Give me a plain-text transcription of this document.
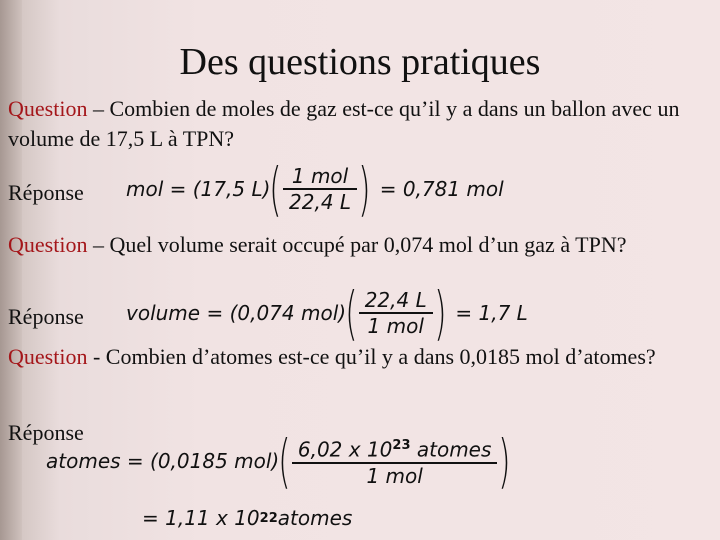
Des questions pratiques
Question – Combien de moles de gaz est-ce qu’il y a dans un ballon avec un volume de 17,5 L à TPN?
Réponse mol = (17,5 L) ( $\frac{\text{1 mol}}{22,4 L}$ ) = 0,781 mol
Question – Quel volume serait occupé par 0,074 mol d’un gaz à TPN?
Réponse volume = (0,074 mol) ( $\frac{22,4 L}{\text{1 mol}}$ ) = 1,7 L
Question - Combien d’atomes est-ce qu’il y a dans 0,0185 mol d’atomes?
Réponse
atomes = (0,0185 mol) ( $\frac{6,02 x 10^{23} atomes}{\text{1 mol}}$ )
= 1,11 x 10 22 atomes
